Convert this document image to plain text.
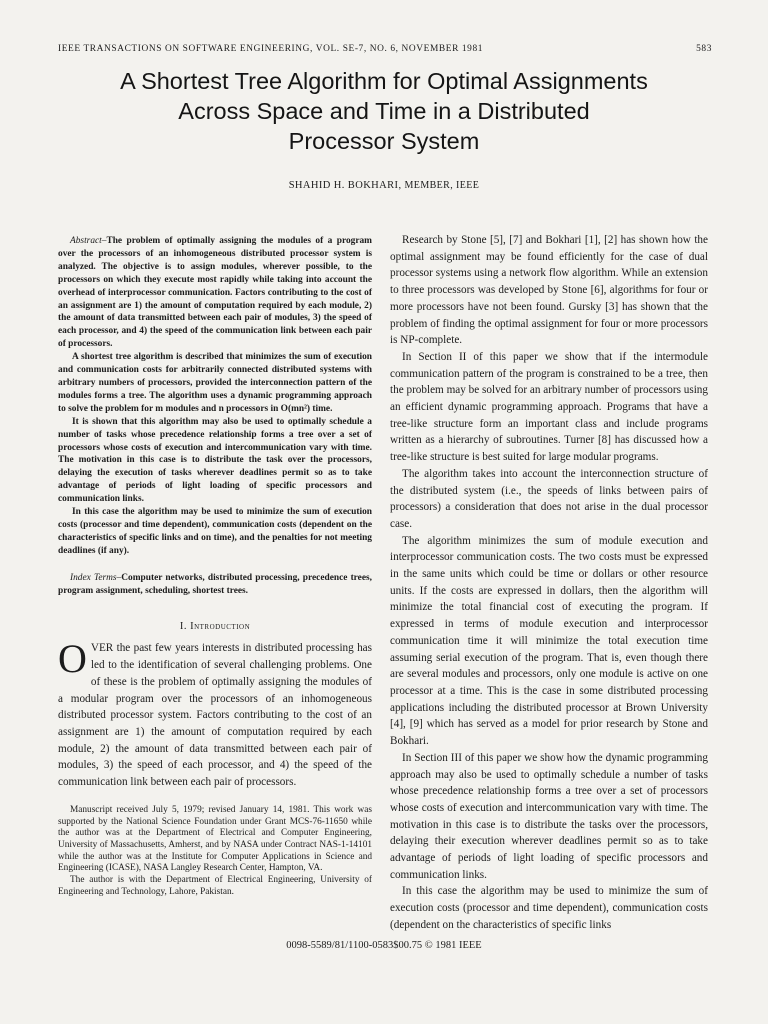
IEEE TRANSACTIONS ON SOFTWARE ENGINEERING, VOL. SE-7, NO. 6, NOVEMBER 1981	583
A Shortest Tree Algorithm for Optimal Assignments
Across Space and Time in a Distributed
Processor System
SHAHID H. BOKHARI, MEMBER, IEEE

Abstract–The problem of optimally assigning the modules of a program over the processors of an inhomogeneous distributed processor system is analyzed. The objective is to assign modules, wherever possible, to the processors on which they execute most rapidly while taking into account the overhead of interprocessor communication. Factors contributing to the cost of an assignment are 1) the amount of computation required by each module, 2) the amount of data transmitted between each pair of modules, 3) the speed of each processor, and 4) the speed of the communication link between each pair of processors.

A shortest tree algorithm is described that minimizes the sum of execution and communication costs for arbitrarily connected distributed systems with arbitrary numbers of processors, provided the interconnection pattern of the modules forms a tree. The algorithm uses a dynamic programming approach to solve the problem for m modules and n processors in O(mn²) time.

It is shown that this algorithm may also be used to optimally schedule a number of tasks whose precedence relationship forms a tree over a set of processors whose costs of execution and intercommunication vary with time. The motivation in this case is to distribute the task over the processors, delaying the execution of tasks wherever deadlines permit so as to take advantage of periods of light loading of specific processors and communication links.

In this case the algorithm may be used to minimize the sum of execution costs (processor and time dependent), communication costs (dependent on the characteristics of specific links and on time), and the penalties for not meeting deadlines (if any).

Index Terms–Computer networks, distributed processing, precedence trees, program assignment, scheduling, shortest trees.

I. Introduction

OVER the past few years interests in distributed processing has led to the identification of several challenging problems. One of these is the problem of optimally assigning the modules of a modular program over the processors of an inhomogeneous distributed processor system. Factors contributing to the cost of an assignment are 1) the amount of computation required by each module, 2) the amount of data transmitted between each pair of modules, 3) the speed of each processor, and 4) the speed of the communication link between each pair of processors.

Manuscript received July 5, 1979; revised January 14, 1981. This work was supported by the National Science Foundation under Grant MCS-76-11650 while the author was at the Department of Electrical and Computer Engineering, University of Massachusetts, Amherst, and by NASA under Contract NAS-1-14101 while the author was at the Institute for Computer Applications in Science and Engineering (ICASE), NASA Langley Research Center, Hampton, VA.

The author is with the Department of Electrical Engineering, University of Engineering and Technology, Lahore, Pakistan.

Research by Stone [5], [7] and Bokhari [1], [2] has shown how the optimal assignment may be found efficiently for the case of dual processor systems using a network flow algorithm. While an extension to three processors was developed by Stone [6], algorithms for four or more processors have not been found. Gursky [3] has shown that the problem of finding the optimal assignment for four or more processors is NP-complete.

In Section II of this paper we show that if the intermodule communication pattern of the program is constrained to be a tree, then the problem may be solved for an arbitrary number of processors using an efficient dynamic programming approach. Programs that have a tree-like structure form an important class and include programs written as a hierarchy of subroutines. Turner [8] has discussed how a tree-like structure is best suited for large modular programs.

The algorithm takes into account the interconnection structure of the distributed system (i.e., the speeds of links between pairs of processors) a consideration that does not arise in the dual processor case.

The algorithm minimizes the sum of module execution and interprocessor communication costs. The two costs must be expressed in the same units which could be time or dollars or other resource units. If the costs are expressed in dollars, then the algorithm will minimize the total financial cost of executing the program. If expressed in terms of module execution and interprocessor communication time it will minimize the total execution time assuming serial execution of the program. That is, even though there are several modules and processors, only one module is active on one processor at a time. This is the case in some distributed processing applications including the distributed processor at Brown University [4], [9] which has served as a model for prior research by Stone and Bokhari.

In Section III of this paper we show how the dynamic programming approach may also be used to optimally schedule a number of tasks whose precedence relationship forms a tree over a set of processors whose costs of execution and intercommunication vary with time. The motivation in this case is to distribute the tasks over the processors, delaying their execution wherever deadlines permit so as to take advantage of periods of light loading of specific processors and communication links.

In this case the algorithm may be used to minimize the sum of execution costs (processor and time dependent), communication costs (dependent on the characteristics of specific links

0098-5589/81/1100-0583$00.75 © 1981 IEEE
